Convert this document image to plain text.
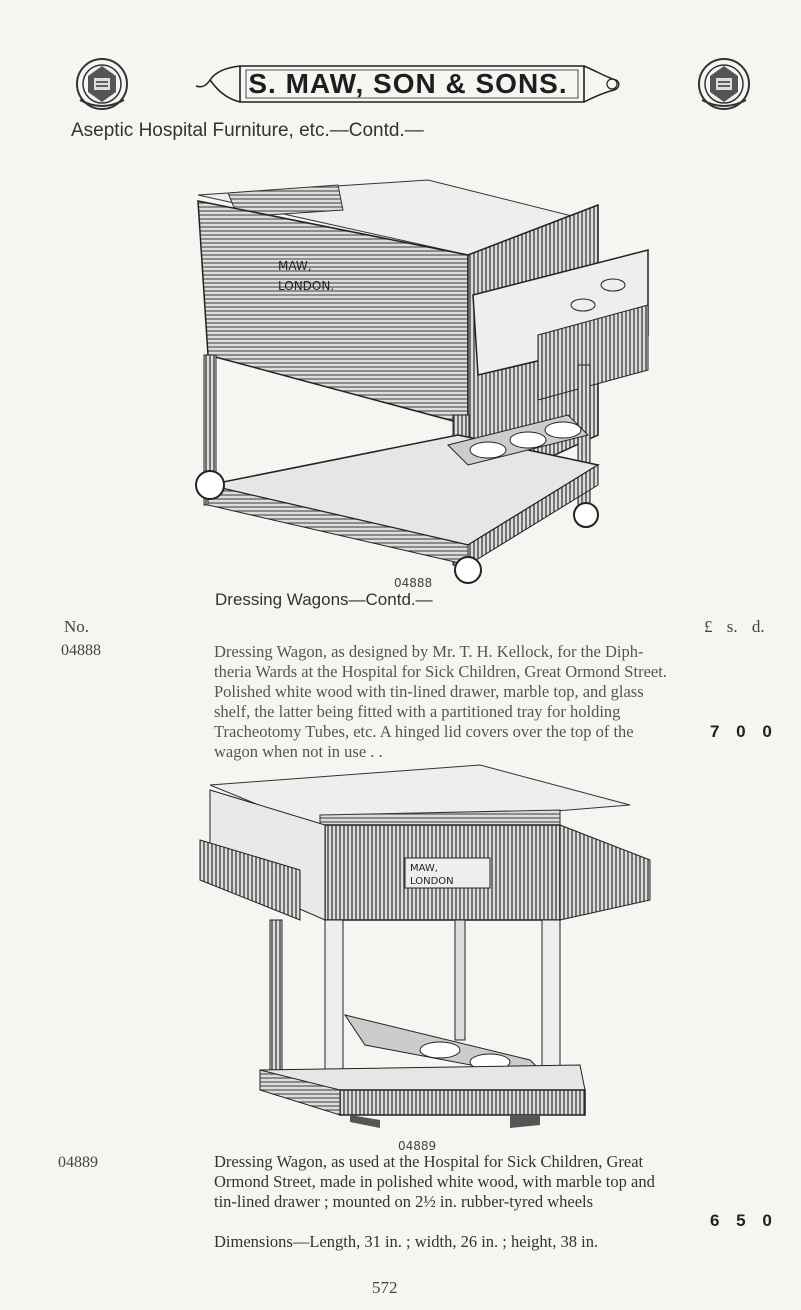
S. MAW, SON & SONS.
Aseptic Hospital Furniture, etc.—Contd.—
MAW,
LONDON.
04888
Dressing Wagons—Contd.—
No.	£ s. d.
04888	Dressing Wagon, as designed by Mr. T. H. Kellock, for the Diph-theria Wards at the Hospital for Sick Children, Great Ormond Street. Polished white wood with tin-lined drawer, marble top, and glass shelf, the latter being fitted with a partitioned tray for holding Tracheotomy Tubes, etc. A hinged lid covers over the top of the wagon when not in use . .
7 0 0
MAW,
LONDON
04889
04889	Dressing Wagon, as used at the Hospital for Sick Children, Great Ormond Street, made in polished white wood, with marble top and tin-lined drawer ; mounted on 2½ in. rubber-tyred wheels
Dimensions—Length, 31 in. ; width, 26 in. ; height, 38 in.
6 5 0
572
